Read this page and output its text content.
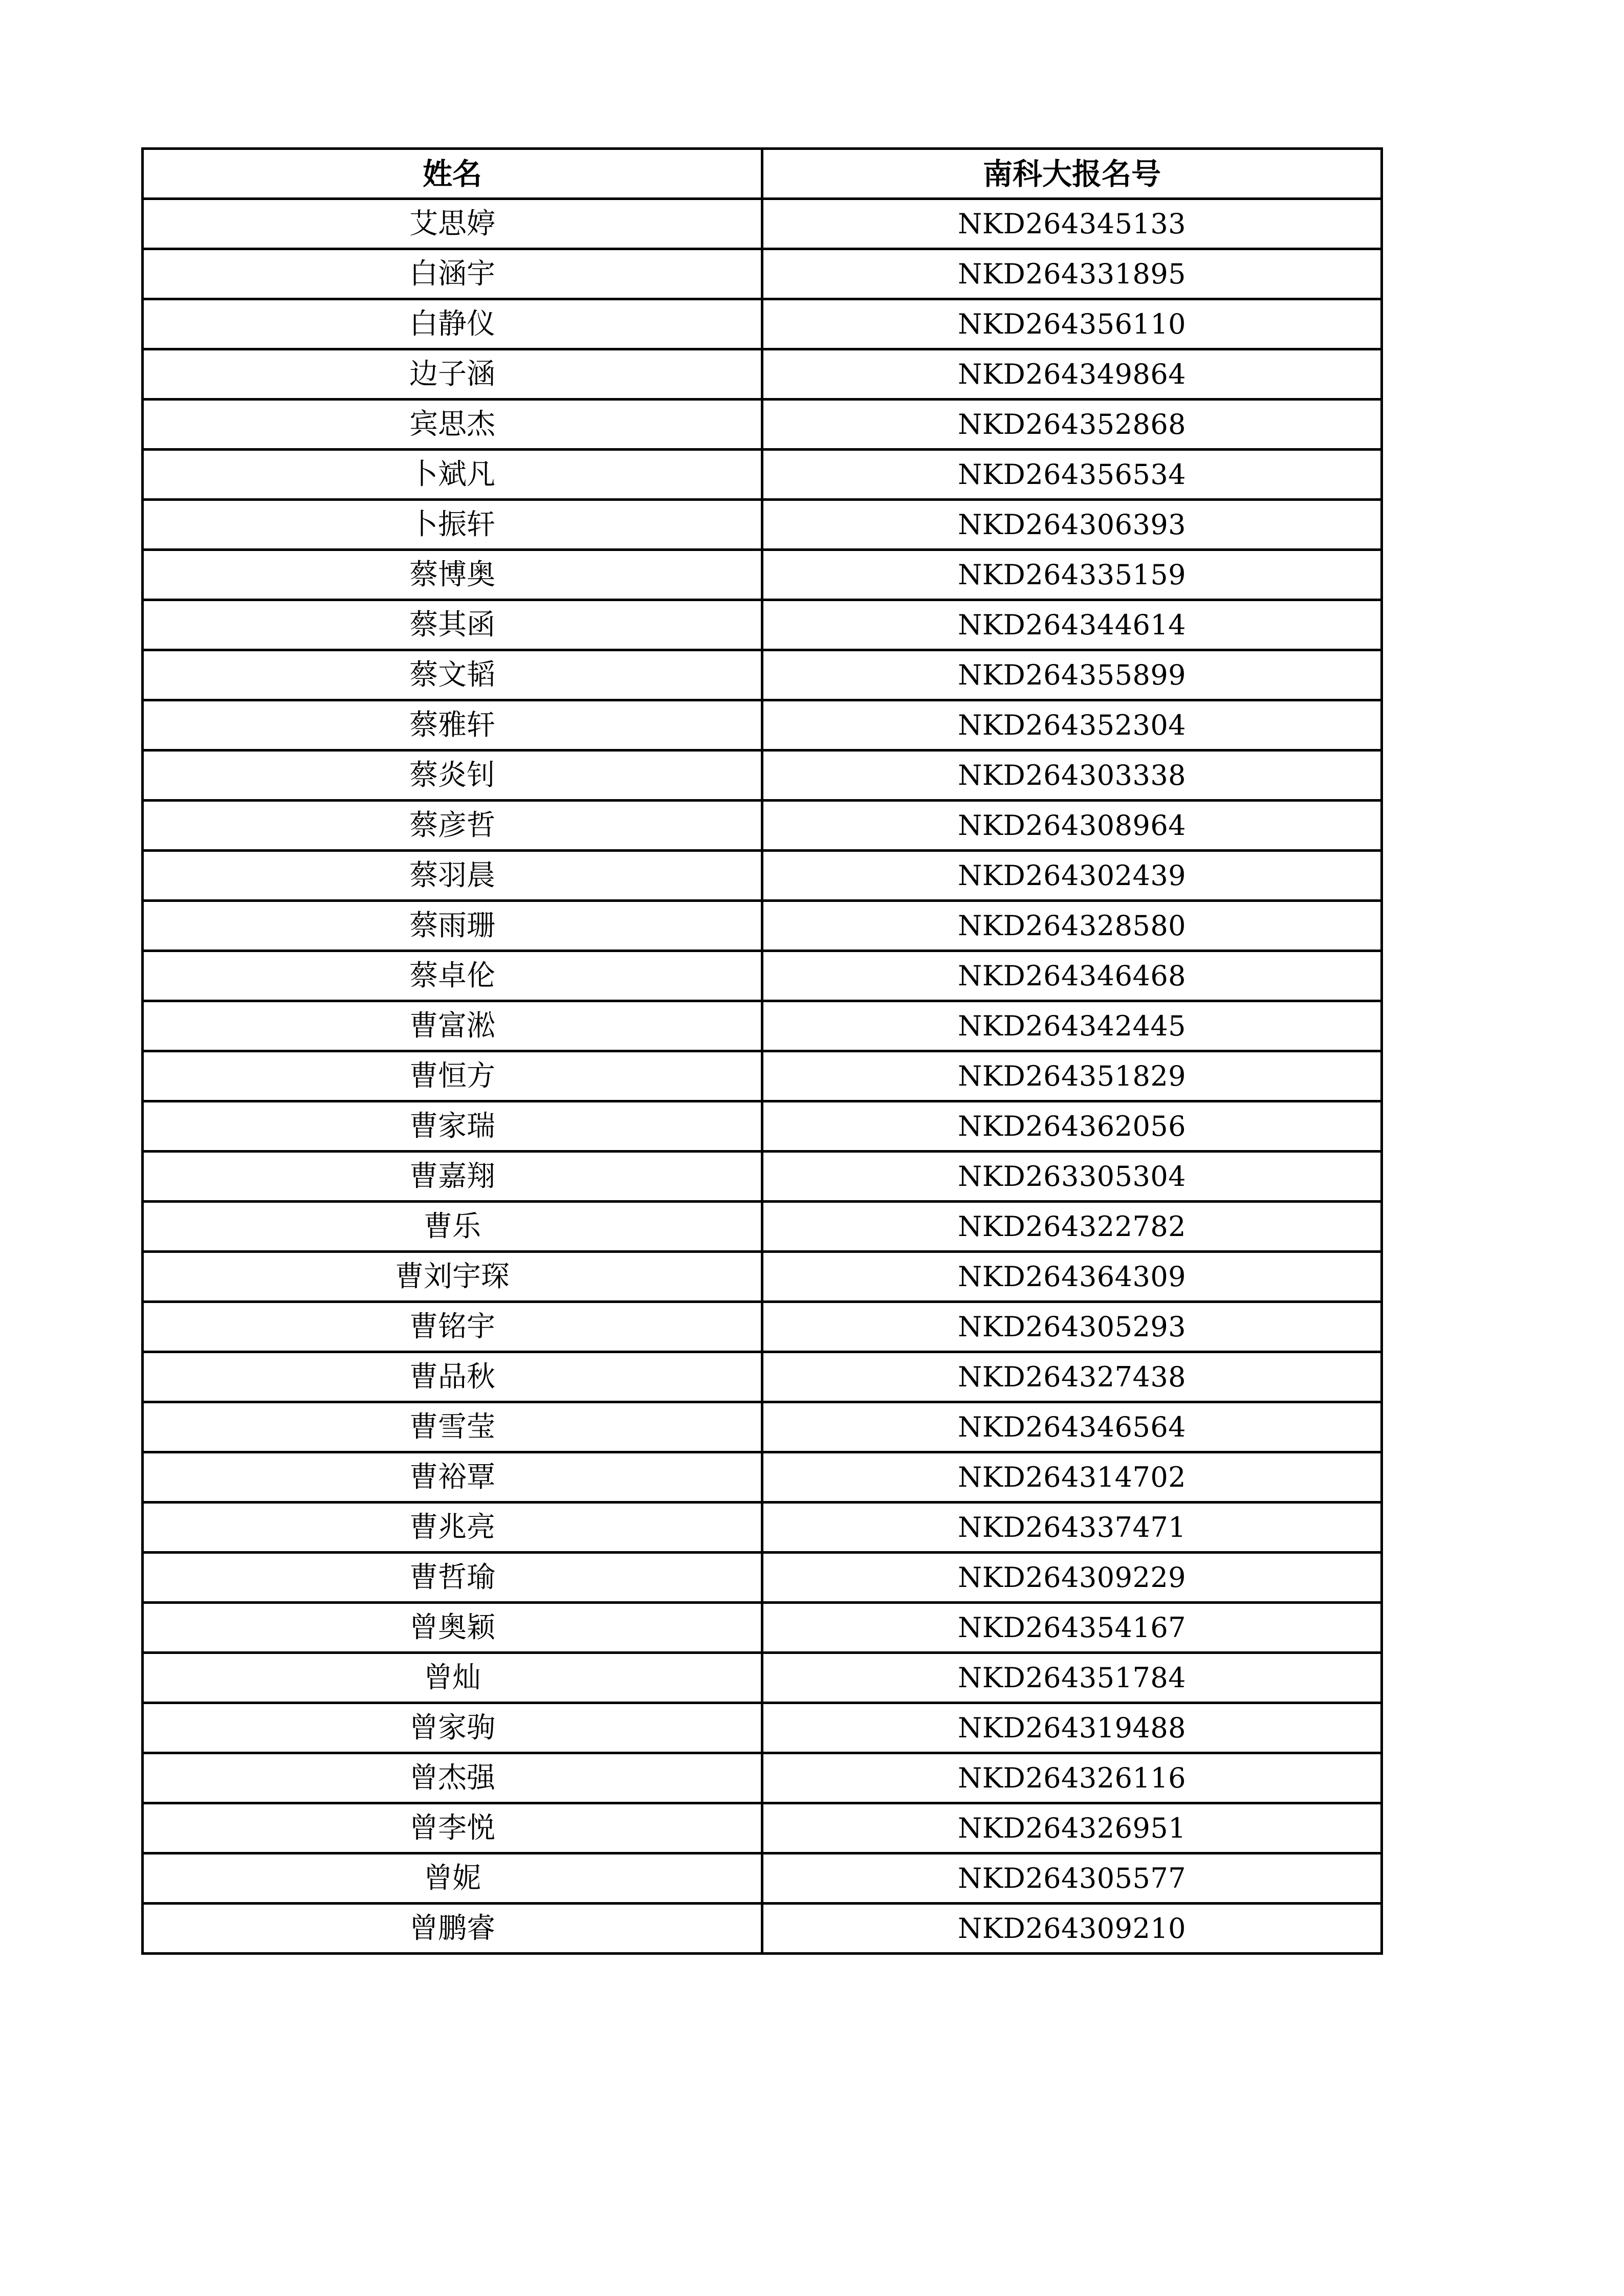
姓名	南科大报名号
艾思婷	NKD264345133
白涵宇	NKD264331895
白静仪	NKD264356110
边子涵	NKD264349864
宾思杰	NKD264352868
卜斌凡	NKD264356534
卜振轩	NKD264306393
蔡博奥	NKD264335159
蔡其函	NKD264344614
蔡文韬	NKD264355899
蔡雅轩	NKD264352304
蔡炎钊	NKD264303338
蔡彦哲	NKD264308964
蔡羽晨	NKD264302439
蔡雨珊	NKD264328580
蔡卓伦	NKD264346468
曹富淞	NKD264342445
曹恒方	NKD264351829
曹家瑞	NKD264362056
曹嘉翔	NKD263305304
曹乐	NKD264322782
曹刘宇琛	NKD264364309
曹铭宇	NKD264305293
曹品秋	NKD264327438
曹雪莹	NKD264346564
曹裕覃	NKD264314702
曹兆亮	NKD264337471
曹哲瑜	NKD264309229
曾奥颖	NKD264354167
曾灿	NKD264351784
曾家驹	NKD264319488
曾杰强	NKD264326116
曾李悦	NKD264326951
曾妮	NKD264305577
曾鹏睿	NKD264309210
